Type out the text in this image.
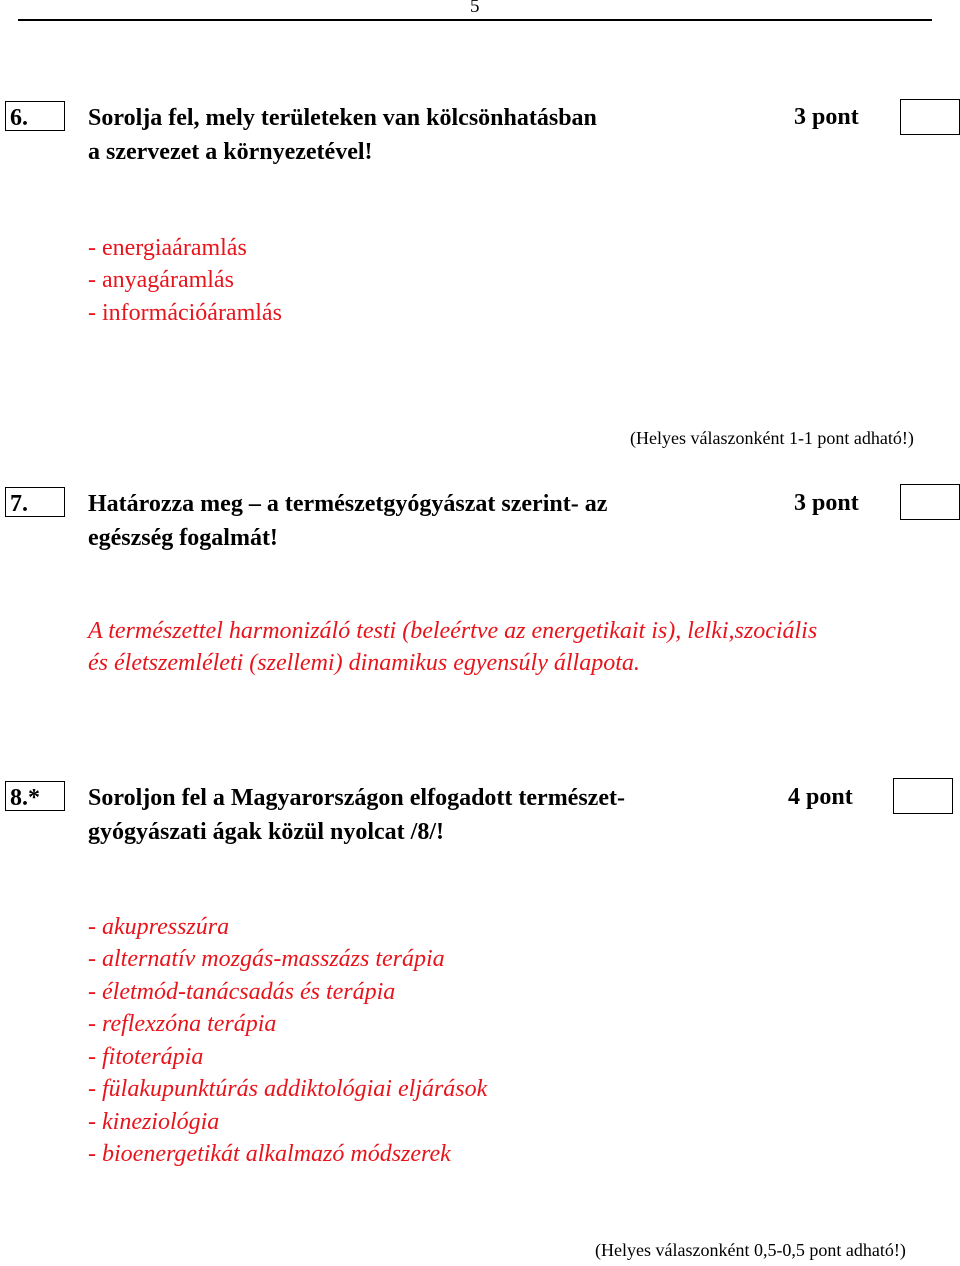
5
6.	Sorolja fel, mely területeken van kölcsönhatásban
a szervezet a környezetével!
3 pont
- energiaáramlás
- anyagáramlás
- információáramlás
(Helyes válaszonként 1-1 pont adható!)
7.	Határozza meg – a természetgyógyászat szerint- az
egészség fogalmát!
3 pont
A természettel harmonizáló testi (beleértve az energetikait is), lelki,szociális
és életszemléleti (szellemi) dinamikus egyensúly állapota.
8.* Soroljon fel a Magyarországon elfogadott természet-
gyógyászati ágak közül nyolcat /8/!
4 pont
- akupresszúra
- alternatív mozgás-masszázs terápia
- életmód-tanácsadás és terápia
- reflexzóna terápia
- fitoterápia
- fülakupunktúrás addiktológiai eljárások
- kineziológia
- bioenergetikát alkalmazó módszerek
(Helyes válaszonként 0,5-0,5 pont adható!)
